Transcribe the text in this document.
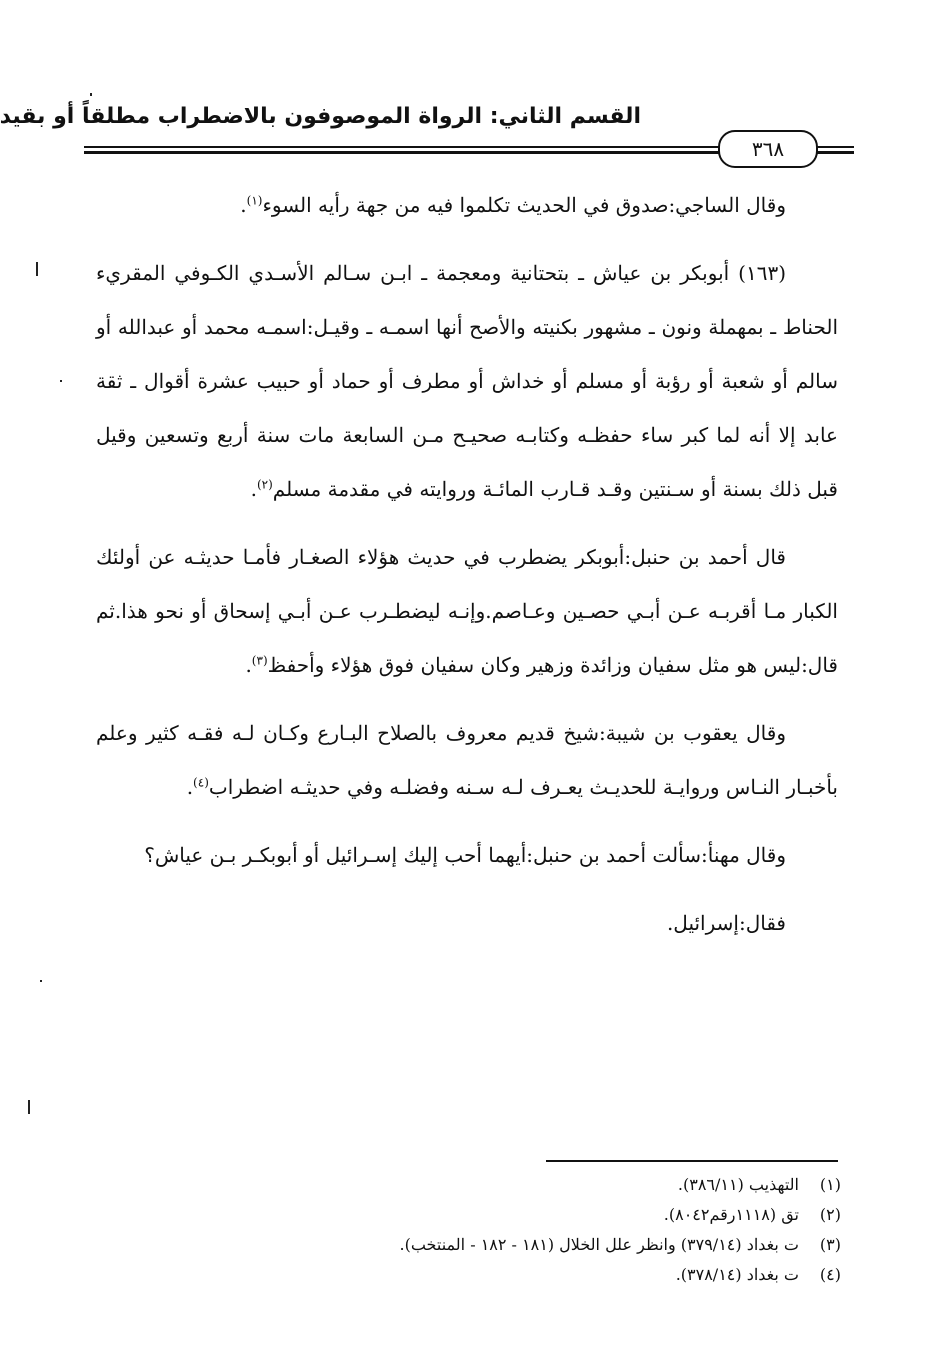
القسم الثاني: الرواة الموصوفون بالاضطراب مطلقاً أو بقيد
٣٦٨

وقال الساجي:صدوق في الحديث تكلموا فيه من جهة رأيه السوء$^{(١)}$.

(١٦٣) أبوبكر بن عياش ـ بتحتانية ومعجمة ـ ابـن سـالم الأسـدي الكـوفي المقريء الحناط ـ بمهملة ونون ـ مشهور بكنيته والأصح أنها اسمـه ـ وقيـل:اسمـه محمد أو عبدالله أو سالم أو شعبة أو رؤبة أو مسلم أو خداش أو مطرف أو حماد أو حبيب عشرة أقوال ـ ثقة عابد إلا أنه لما كبر ساء حفظـه وكتابـه صحيـح مـن السابعة مات سنة أربع وتسعين وقيل قبل ذلك بسنة أو سـنتين وقـد قـارب المائـة وروايته في مقدمة مسلم$^{(٢)}$.

قال أحمد بن حنبل:أبوبكر يضطرب في حديث هؤلاء الصغـار فأمـا حديثـه عن أولئك الكبار مـا أقربـه عـن أبـي حصـين وعـاصم.وإنـه ليضطـرب عـن أبـي إسحاق أو نحو هذا.ثم قال:ليس هو مثل سفيان وزائدة وزهير وكان سفيان فوق هؤلاء وأحفظ$^{(٣)}$.

وقال يعقوب بن شيبة:شيخ قديم معروف بالصلاح البـارع وكـان لـه فقـه كثير وعلم بأخبـار النـاس وروايـة للحديـث يعـرف لـه سـنه وفضلـه وفي حديثـه اضطراب$^{(٤)}$.

وقال مهنأ:سألت أحمد بن حنبل:أيهما أحب إليك إسـرائيل أو أبوبكـر بـن عياش؟

فقال:إسرائيل.

(١)التهذيب (٣٨٦/١١).
(٢)تق (١١١٨رقم٨٠٤٢).
(٣)ت بغداد (٣٧٩/١٤) وانظر علل الخلال (١٨١ - ١٨٢ - المنتخب).
(٤)ت بغداد (٣٧٨/١٤).
